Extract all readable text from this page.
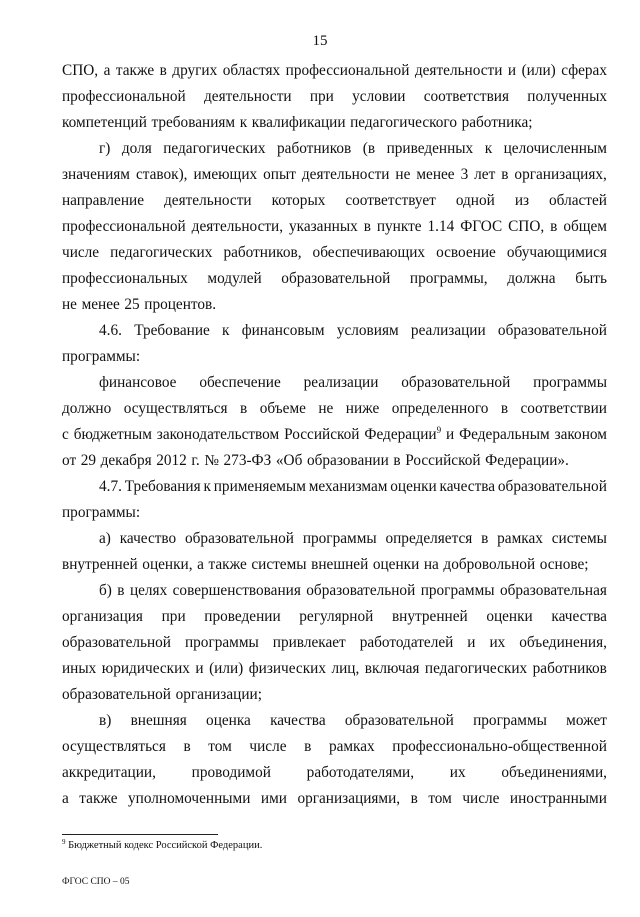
15
СПО, а также в других областях профессиональной деятельности и (или) сферах
профессиональной деятельности при условии соответствия полученных
компетенций требованиям к квалификации педагогического работника;
г) доля педагогических работников (в приведенных к целочисленным
значениям ставок), имеющих опыт деятельности не менее 3 лет в организациях,
направление деятельности которых соответствует одной из областей
профессиональной деятельности, указанных в пункте 1.14 ФГОС СПО, в общем
числе педагогических работников, обеспечивающих освоение обучающимися
профессиональных модулей образовательной программы, должна быть
не менее 25 процентов.
4.6. Требование к финансовым условиям реализации образовательной
программы:
финансовое обеспечение реализации образовательной программы
должно осуществляться в объеме не ниже определенного в соответствии
с бюджетным законодательством Российской Федерации$^9$ и Федеральным законом
от 29 декабря 2012 г. № 273-ФЗ «Об образовании в Российской Федерации».
4.7. Требования к применяемым механизмам оценки качества образовательной
программы:
а) качество образовательной программы определяется в рамках системы
внутренней оценки, а также системы внешней оценки на добровольной основе;
б) в целях совершенствования образовательной программы образовательная
организация при проведении регулярной внутренней оценки качества
образовательной программы привлекает работодателей и их объединения,
иных юридических и (или) физических лиц, включая педагогических работников
образовательной организации;
в) внешняя оценка качества образовательной программы может
осуществляться в том числе в рамках профессионально-общественной
аккредитации, проводимой работодателями, их объединениями,
а также уполномоченными ими организациями, в том числе иностранными
$^9$ Бюджетный кодекс Российской Федерации.
ФГОС СПО – 05
